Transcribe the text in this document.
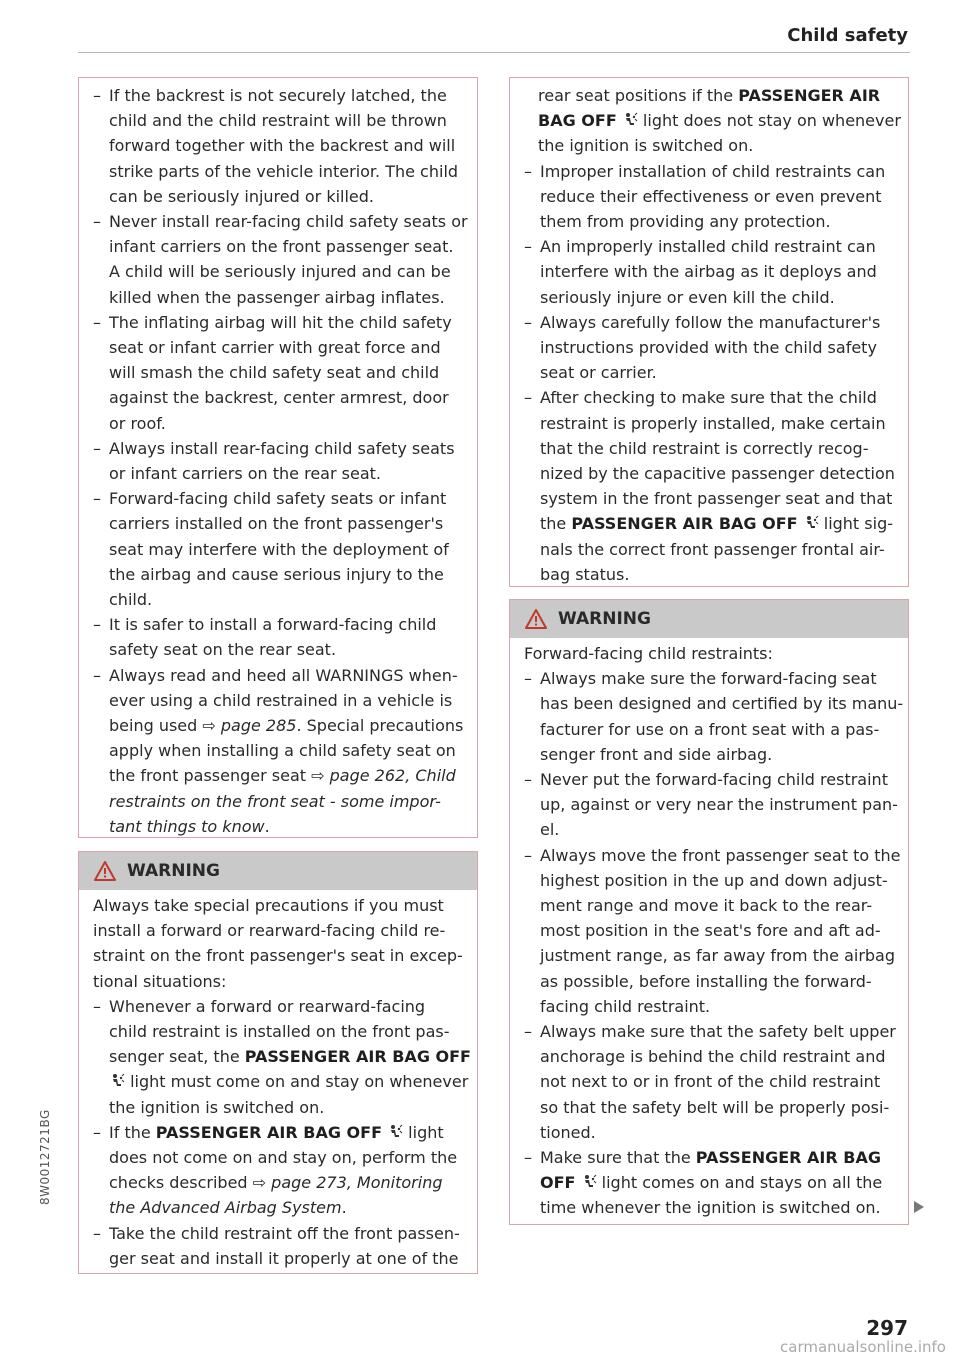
Child safety
8W0012721BG
– If the backrest is not securely latched, the
child and the child restraint will be thrown
forward together with the backrest and will
strike parts of the vehicle interior. The child
can be seriously injured or killed.
– Never install rear-facing child safety seats or
infant carriers on the front passenger seat.
A child will be seriously injured and can be
killed when the passenger airbag inflates.
– The inflating airbag will hit the child safety
seat or infant carrier with great force and
will smash the child safety seat and child
against the backrest, center armrest, door
or roof.
– Always install rear-facing child safety seats
or infant carriers on the rear seat.
– Forward-facing child safety seats or infant
carriers installed on the front passenger's
seat may interfere with the deployment of
the airbag and cause serious injury to the
child.
– It is safer to install a forward-facing child
safety seat on the rear seat.
– Always read and heed all WARNINGS when-
ever using a child restrained in a vehicle is
being used ⇨ page 285. Special precautions
apply when installing a child safety seat on
the front passenger seat ⇨ page 262, Child
restraints on the front seat - some impor-
tant things to know.
WARNING
Always take special precautions if you must
install a forward or rearward-facing child re-
straint on the front passenger's seat in excep-
tional situations:
– Whenever a forward or rearward-facing
child restraint is installed on the front pas-
senger seat, the PASSENGER AIR BAG OFF
light must come on and stay on whenever
the ignition is switched on.
– If the PASSENGER AIR BAG OFF  light
does not come on and stay on, perform the
checks described ⇨ page 273, Monitoring
the Advanced Airbag System.
– Take the child restraint off the front passen-
ger seat and install it properly at one of the
rear seat positions if the PASSENGER AIR
BAG OFF  light does not stay on whenever
the ignition is switched on.
– Improper installation of child restraints can
reduce their effectiveness or even prevent
them from providing any protection.
– An improperly installed child restraint can
interfere with the airbag as it deploys and
seriously injure or even kill the child.
– Always carefully follow the manufacturer's
instructions provided with the child safety
seat or carrier.
– After checking to make sure that the child
restraint is properly installed, make certain
that the child restraint is correctly recog-
nized by the capacitive passenger detection
system in the front passenger seat and that
the PASSENGER AIR BAG OFF  light sig-
nals the correct front passenger frontal air-
bag status.
WARNING
Forward-facing child restraints:
– Always make sure the forward-facing seat
has been designed and certified by its manu-
facturer for use on a front seat with a pas-
senger front and side airbag.
– Never put the forward-facing child restraint
up, against or very near the instrument pan-
el.
– Always move the front passenger seat to the
highest position in the up and down adjust-
ment range and move it back to the rear-
most position in the seat's fore and aft ad-
justment range, as far away from the airbag
as possible, before installing the forward-
facing child restraint.
– Always make sure that the safety belt upper
anchorage is behind the child restraint and
not next to or in front of the child restraint
so that the safety belt will be properly posi-
tioned.
– Make sure that the PASSENGER AIR BAG
OFF  light comes on and stays on all the
time whenever the ignition is switched on.
297
carmanualsonline.info
